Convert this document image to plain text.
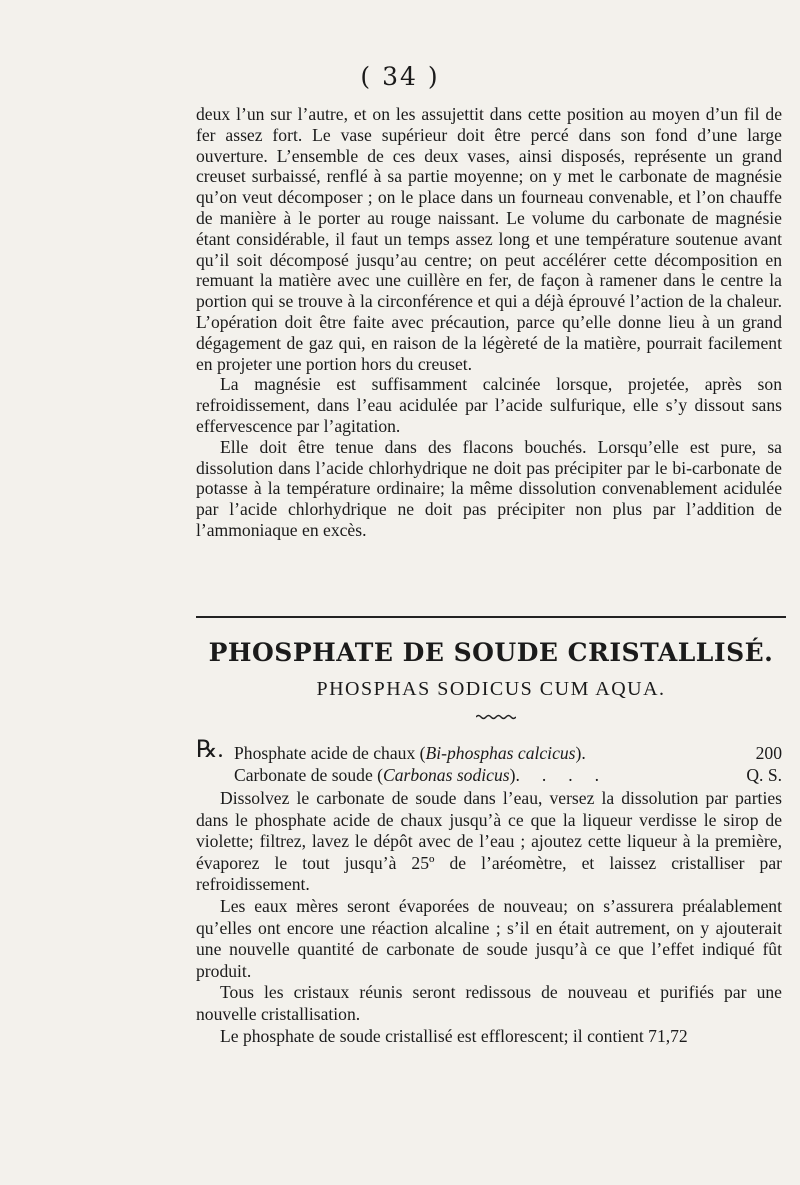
( 34 )

deux l’un sur l’autre, et on les assujettit dans cette position au moyen d’un fil de fer assez fort. Le vase supérieur doit être percé dans son fond d’une large ouverture. L’ensemble de ces deux vases, ainsi disposés, représente un grand creuset surbaissé, renflé à sa partie moyenne; on y met le carbonate de magnésie qu’on veut décomposer ; on le place dans un fourneau convenable, et l’on chauffe de manière à le porter au rouge naissant. Le volume du carbonate de magnésie étant considérable, il faut un temps assez long et une température soutenue avant qu’il soit décomposé jusqu’au centre; on peut accélérer cette décomposition en remuant la matière avec une cuillère en fer, de façon à ramener dans le centre la portion qui se trouve à la circonférence et qui a déjà éprouvé l’action de la chaleur. L’opération doit être faite avec précaution, parce qu’elle donne lieu à un grand dégagement de gaz qui, en raison de la légèreté de la matière, pourrait facilement en projeter une portion hors du creuset.

La magnésie est suffisamment calcinée lorsque, projetée, après son refroidissement, dans l’eau acidulée par l’acide sulfurique, elle s’y dissout sans effervescence par l’agitation.

Elle doit être tenue dans des flacons bouchés. Lorsqu’elle est pure, sa dissolution dans l’acide chlorhydrique ne doit pas précipiter par le bi-carbonate de potasse à la température ordinaire; la même dissolution convenablement acidulée par l’acide chlorhydrique ne doit pas précipiter non plus par l’addition de l’ammoniaque en excès.

PHOSPHATE DE SOUDE CRISTALLISÉ.
PHOSPHAS SODICUS CUM AQUA.
℞. Phosphate acide de chaux (Bi-phosphas calcicus).	200
Carbonate de soude (Carbonas sodicus).     .     .     .	Q. S.

Dissolvez le carbonate de soude dans l’eau, versez la dissolution par parties dans le phosphate acide de chaux jusqu’à ce que la liqueur verdisse le sirop de violette; filtrez, lavez le dépôt avec de l’eau ; ajoutez cette liqueur à la première, évaporez le tout jusqu’à 25º de l’aréomètre, et laissez cristalliser par refroidissement.

Les eaux mères seront évaporées de nouveau; on s’assurera préalablement qu’elles ont encore une réaction alcaline ; s’il en était autrement, on y ajouterait une nouvelle quantité de carbonate de soude jusqu’à ce que l’effet indiqué fût produit.

Tous les cristaux réunis seront redissous de nouveau et purifiés par une nouvelle cristallisation.

Le phosphate de soude cristallisé est efflorescent; il contient 71,72
